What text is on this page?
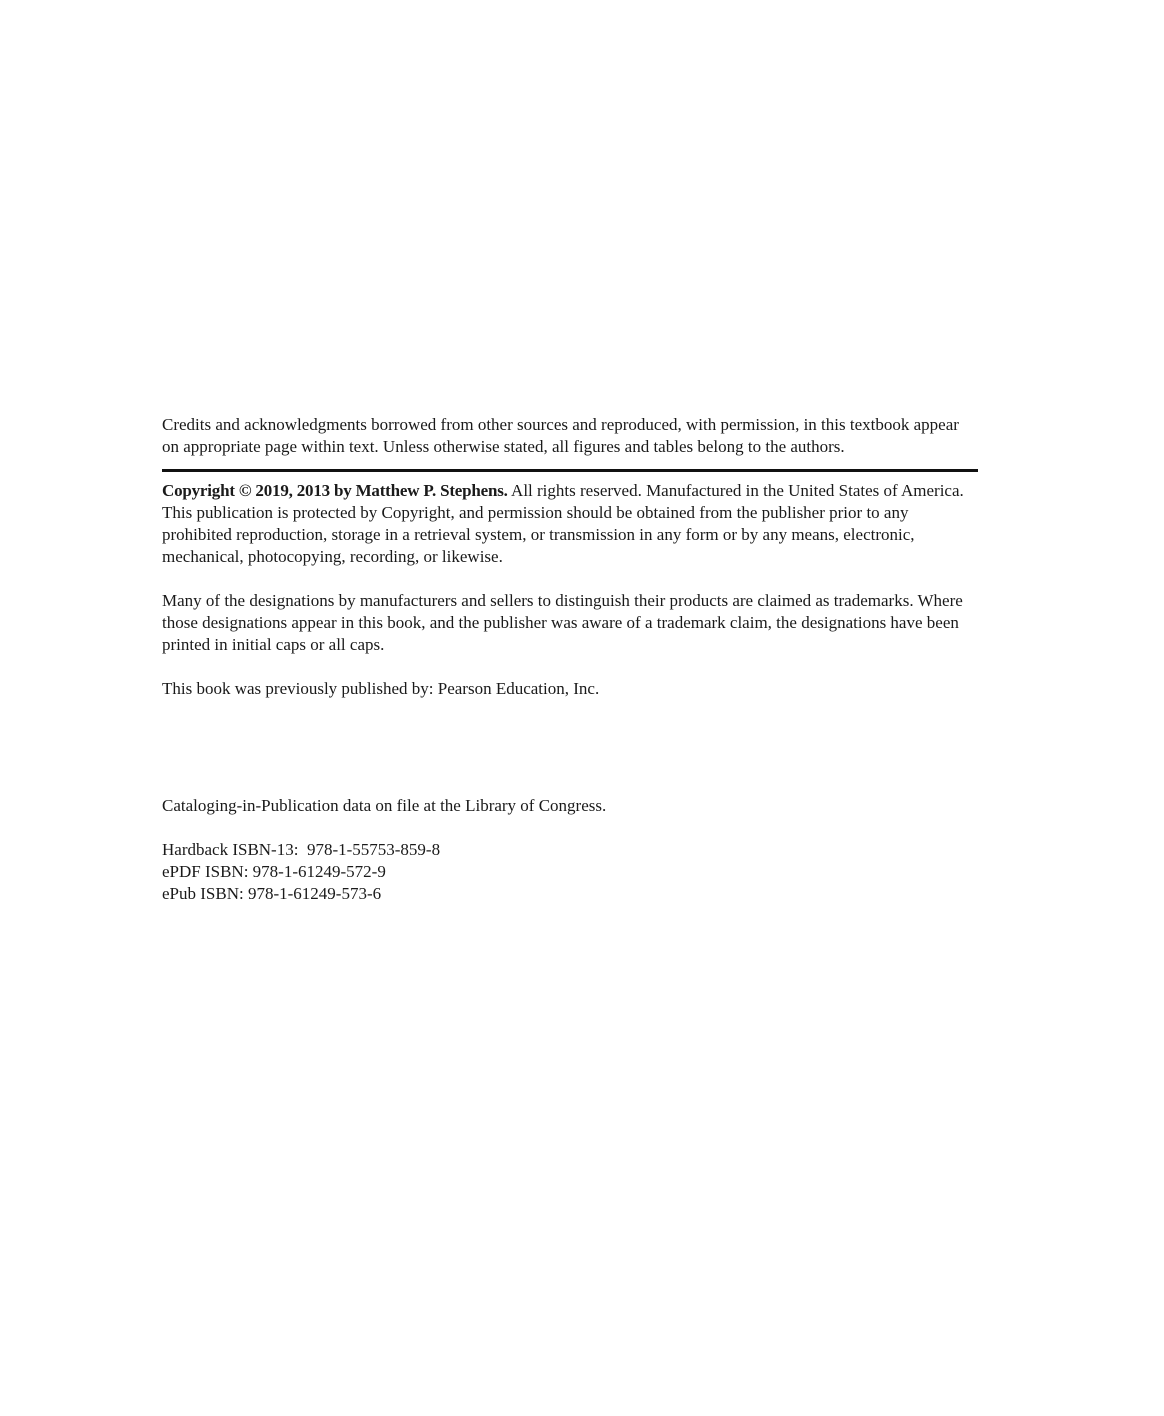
Credits and acknowledgments borrowed from other sources and reproduced, with permission, in this textbook appear on appropriate page within text. Unless otherwise stated, all figures and tables belong to the authors.

Copyright © 2019, 2013 by Matthew P. Stephens. All rights reserved. Manufactured in the United States of America. This publication is protected by Copyright, and permission should be obtained from the publisher prior to any prohibited reproduction, storage in a retrieval system, or transmission in any form or by any means, electronic, mechanical, photocopying, recording, or likewise.

Many of the designations by manufacturers and sellers to distinguish their products are claimed as trademarks. Where those designations appear in this book, and the publisher was aware of a trademark claim, the designations have been printed in initial caps or all caps.

This book was previously published by: Pearson Education, Inc.

Cataloging-in-Publication data on file at the Library of Congress.

Hardback ISBN-13:  978-1-55753-859-8
ePDF ISBN: 978-1-61249-572-9
ePub ISBN: 978-1-61249-573-6
